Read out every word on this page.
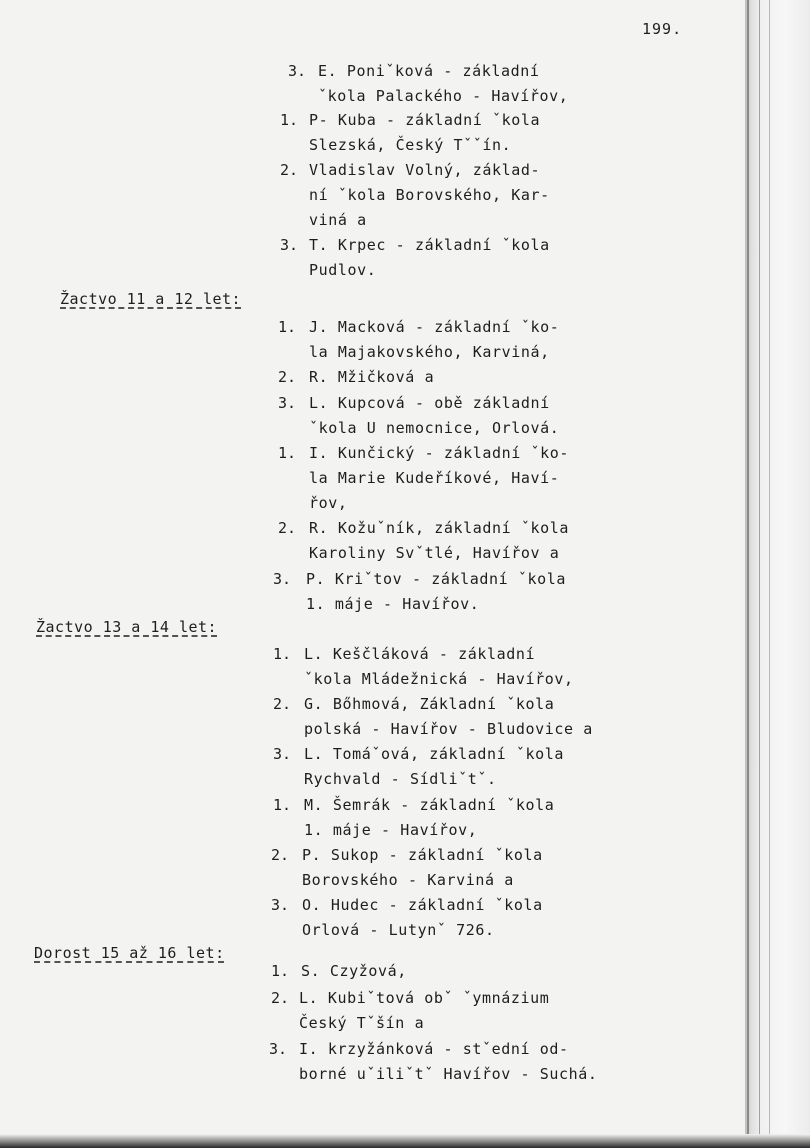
199.
3. E. Poniˇková - základní
ˇkola Palackého - Havířov,
1. P- Kuba - základní ˇkola
Slezská, Český Tˇˇín.
2. Vladislav Volný, základ-
ní ˇkola Borovského, Kar-
viná a
3. T. Krpec - základní ˇkola
Pudlov.
Žactvo 11 a 12 let:
1. J. Macková - základní ˇko-
la Majakovského, Karviná,
2. R. Mžičková a
3. L. Kupcová - obě základní
ˇkola U nemocnice, Orlová.
1. I. Kunčický - základní ˇko-
la Marie Kudeříkové, Haví-
řov,
2. R. Kožuˇník, základní ˇkola
Karoliny Svˇtlé, Havířov a
3. P. Kriˇtov - základní ˇkola
1. máje - Havířov.
Žactvo 13 a 14 let:
1. L. Keščláková - základní
ˇkola Mládežnická - Havířov,
2. G. Bőhmová, Základní ˇkola
polská - Havířov - Bludovice a
3. L. Tomáˇová, základní ˇkola
Rychvald - Sídliˇtˇ.
1. M. Šemrák - základní ˇkola
1. máje - Havířov,
2. P. Sukop - základní ˇkola
Borovského - Karviná a
3. O. Hudec - základní ˇkola
Orlová - Lutynˇ 726.
Dorost 15 až 16 let:
1. S. Czyžová,
2. L. Kubiˇtová obˇ ˇymnázium
Český Tˇšín a
3. I. krzyžánková - stˇední od-
borné uˇiliˇtˇ Havířov - Suchá.
